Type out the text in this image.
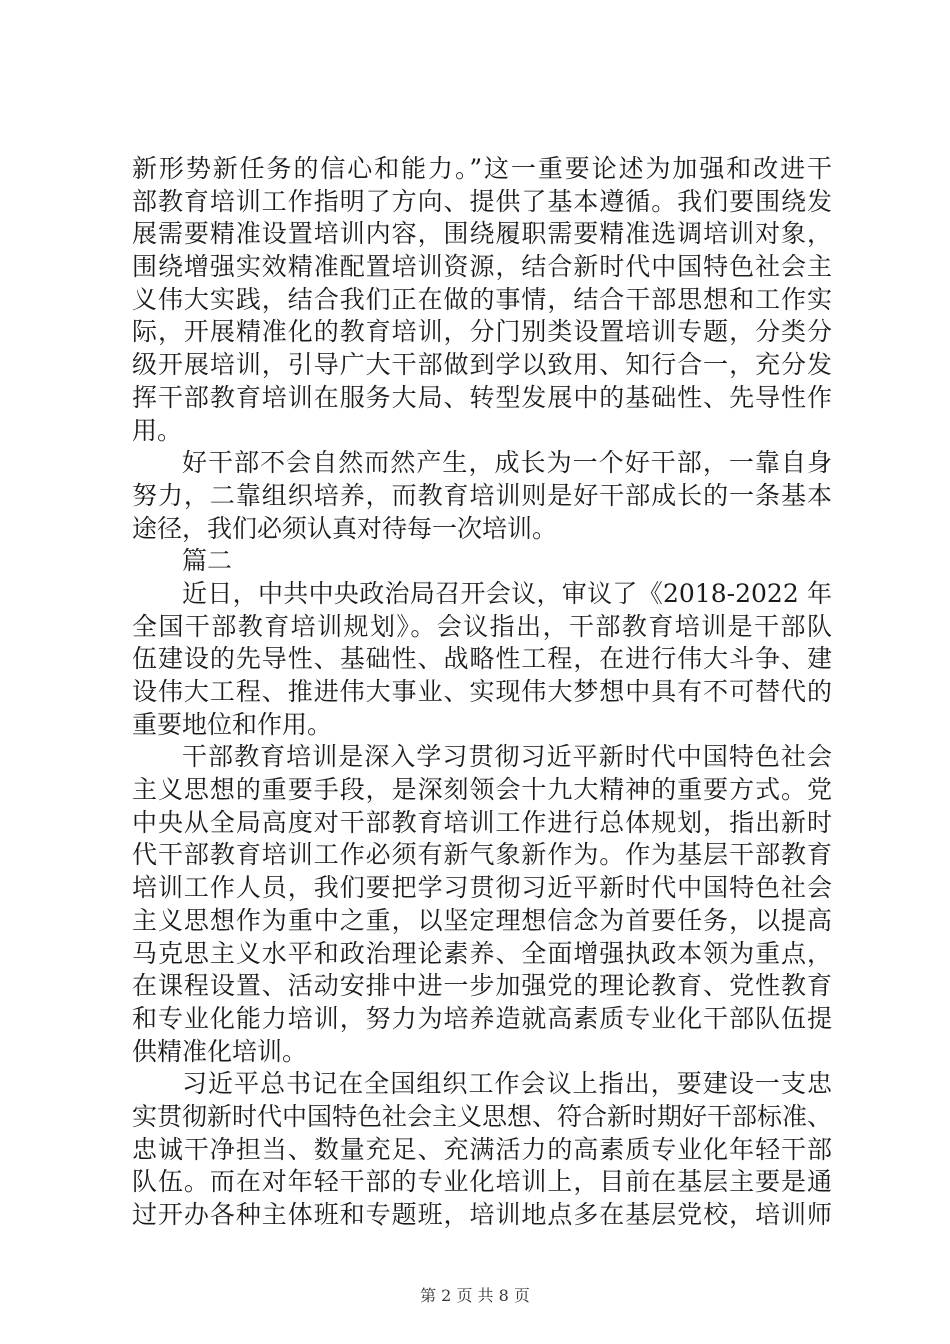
新形势新任务的信心和能力。”这一重要论述为加强和改进干
部教育培训工作指明了方向、提供了基本遵循。我们要围绕发
展需要精准设置培训内容，围绕履职需要精准选调培训对象，
围绕增强实效精准配置培训资源，结合新时代中国特色社会主
义伟大实践，结合我们正在做的事情，结合干部思想和工作实
际，开展精准化的教育培训，分门别类设置培训专题，分类分
级开展培训，引导广大干部做到学以致用、知行合一，充分发
挥干部教育培训在服务大局、转型发展中的基础性、先导性作
用。
好干部不会自然而然产生，成长为一个好干部，一靠自身
努力，二靠组织培养，而教育培训则是好干部成长的一条基本
途径，我们必须认真对待每一次培训。
篇二
近日，中共中央政治局召开会议，审议了《2018-2022 年
全国干部教育培训规划》。会议指出，干部教育培训是干部队
伍建设的先导性、基础性、战略性工程，在进行伟大斗争、建
设伟大工程、推进伟大事业、实现伟大梦想中具有不可替代的
重要地位和作用。
干部教育培训是深入学习贯彻习近平新时代中国特色社会
主义思想的重要手段，是深刻领会十九大精神的重要方式。党
中央从全局高度对干部教育培训工作进行总体规划，指出新时
代干部教育培训工作必须有新气象新作为。作为基层干部教育
培训工作人员，我们要把学习贯彻习近平新时代中国特色社会
主义思想作为重中之重，以坚定理想信念为首要任务，以提高
马克思主义水平和政治理论素养、全面增强执政本领为重点，
在课程设置、活动安排中进一步加强党的理论教育、党性教育
和专业化能力培训，努力为培养造就高素质专业化干部队伍提
供精准化培训。
习近平总书记在全国组织工作会议上指出，要建设一支忠
实贯彻新时代中国特色社会主义思想、符合新时期好干部标准、
忠诚干净担当、数量充足、充满活力的高素质专业化年轻干部
队伍。而在对年轻干部的专业化培训上，目前在基层主要是通
过开办各种主体班和专题班，培训地点多在基层党校，培训师
第 2 页 共 8 页
